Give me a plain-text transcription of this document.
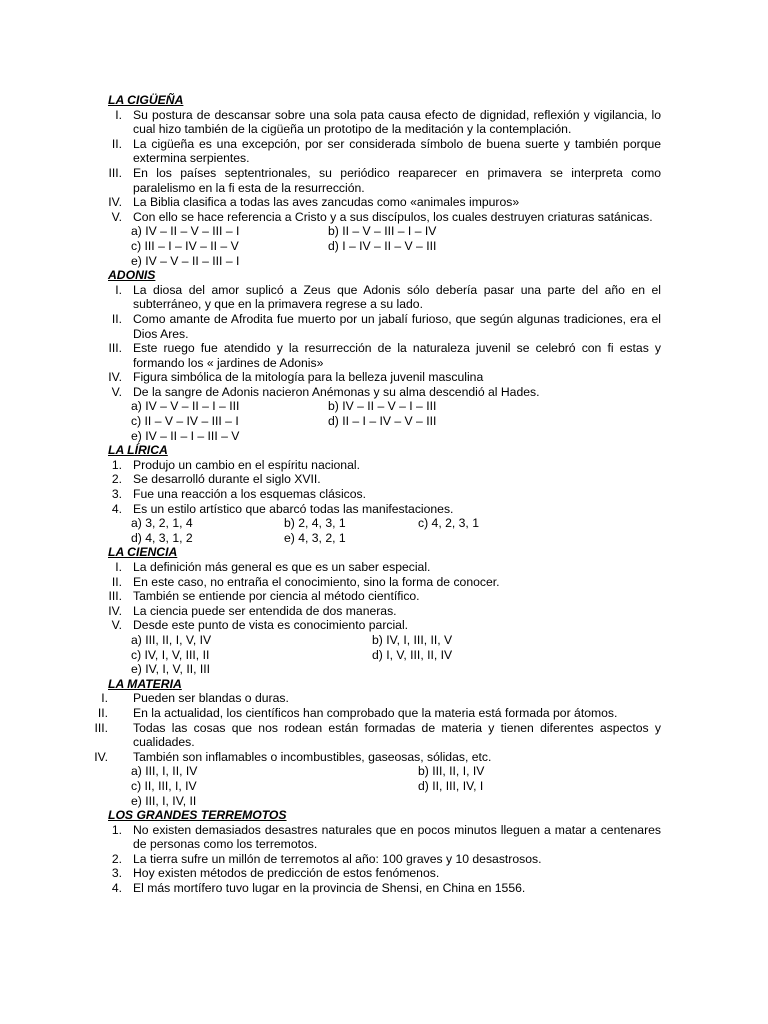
LA CIGÜEÑA
I. Su postura de descansar sobre una sola pata causa efecto de dignidad, reflexión y vigilancia, lo cual hizo también de la cigüeña un prototipo de la meditación y la contemplación.
II. La cigüeña es una excepción, por ser considerada símbolo de buena suerte y también porque extermina serpientes.
III. En los países septentrionales, su periódico reaparecer en primavera se interpreta como paralelismo en la fi esta de la resurrección.
IV. La Biblia clasifica a todas las aves zancudas como «animales impuros»
V. Con ello se hace referencia a Cristo y a sus discípulos, los cuales destruyen criaturas satánicas.
a) IV – II – V – III – I	b) II – V – III – I – IV
c) III – I – IV – II – V	d) I – IV – II – V – III
e) IV – V – II – III – I
ADONIS
I. La diosa del amor suplicó a Zeus que Adonis sólo debería pasar una parte del año en el subterráneo, y que en la primavera regrese a su lado.
II. Como amante de Afrodita fue muerto por un jabalí furioso, que según algunas tradiciones, era el Dios Ares.
III. Este ruego fue atendido y la resurrección de la naturaleza juvenil se celebró con fi estas y formando los « jardines de Adonis»
IV. Figura simbólica de la mitología para la belleza juvenil masculina
V. De la sangre de Adonis nacieron Anémonas y su alma descendió al Hades.
a) IV – V – II – I – III	b) IV – II – V – I – III
c) II – V – IV – III – I	d) II – I – IV – V – III
e) IV – II – I – III – V
LA LÍRICA
1. Produjo un cambio en el espíritu nacional.
2. Se desarrolló durante el siglo XVII.
3. Fue una reacción a los esquemas clásicos.
4. Es un estilo artístico que abarcó todas las manifestaciones.
a) 3, 2, 1, 4	b) 2, 4, 3, 1	c) 4, 2, 3, 1
d) 4, 3, 1, 2	e) 4, 3, 2, 1
LA CIENCIA
I. La definición más general es que es un saber especial.
II. En este caso, no entraña el conocimiento, sino la forma de conocer.
III. También se entiende por ciencia al método científico.
IV. La ciencia puede ser entendida de dos maneras.
V. Desde este punto de vista es conocimiento parcial.
a) III, II, I, V, IV	b) IV, I, III, II, V
c) IV, I, V, III, II	d) I, V, III, II, IV
e) IV, I, V, II, III
LA MATERIA
I. Pueden ser blandas o duras.
II. En la actualidad, los científicos han comprobado que la materia está formada por átomos.
III. Todas las cosas que nos rodean están formadas de materia y tienen diferentes aspectos y cualidades.
IV. También son inflamables o incombustibles, gaseosas, sólidas, etc.
a) III, I, II, IV	b) III, II, I, IV
c) II, III, I, IV	d) II, III, IV, I
e) III, I, IV, II
LOS GRANDES TERREMOTOS
1. No existen demasiados desastres naturales que en pocos minutos lleguen a matar a centenares de personas como los terremotos.
2. La tierra sufre un millón de terremotos al año: 100 graves y 10 desastrosos.
3. Hoy existen métodos de predicción de estos fenómenos.
4. El más mortífero tuvo lugar en la provincia de Shensi, en China en 1556.
